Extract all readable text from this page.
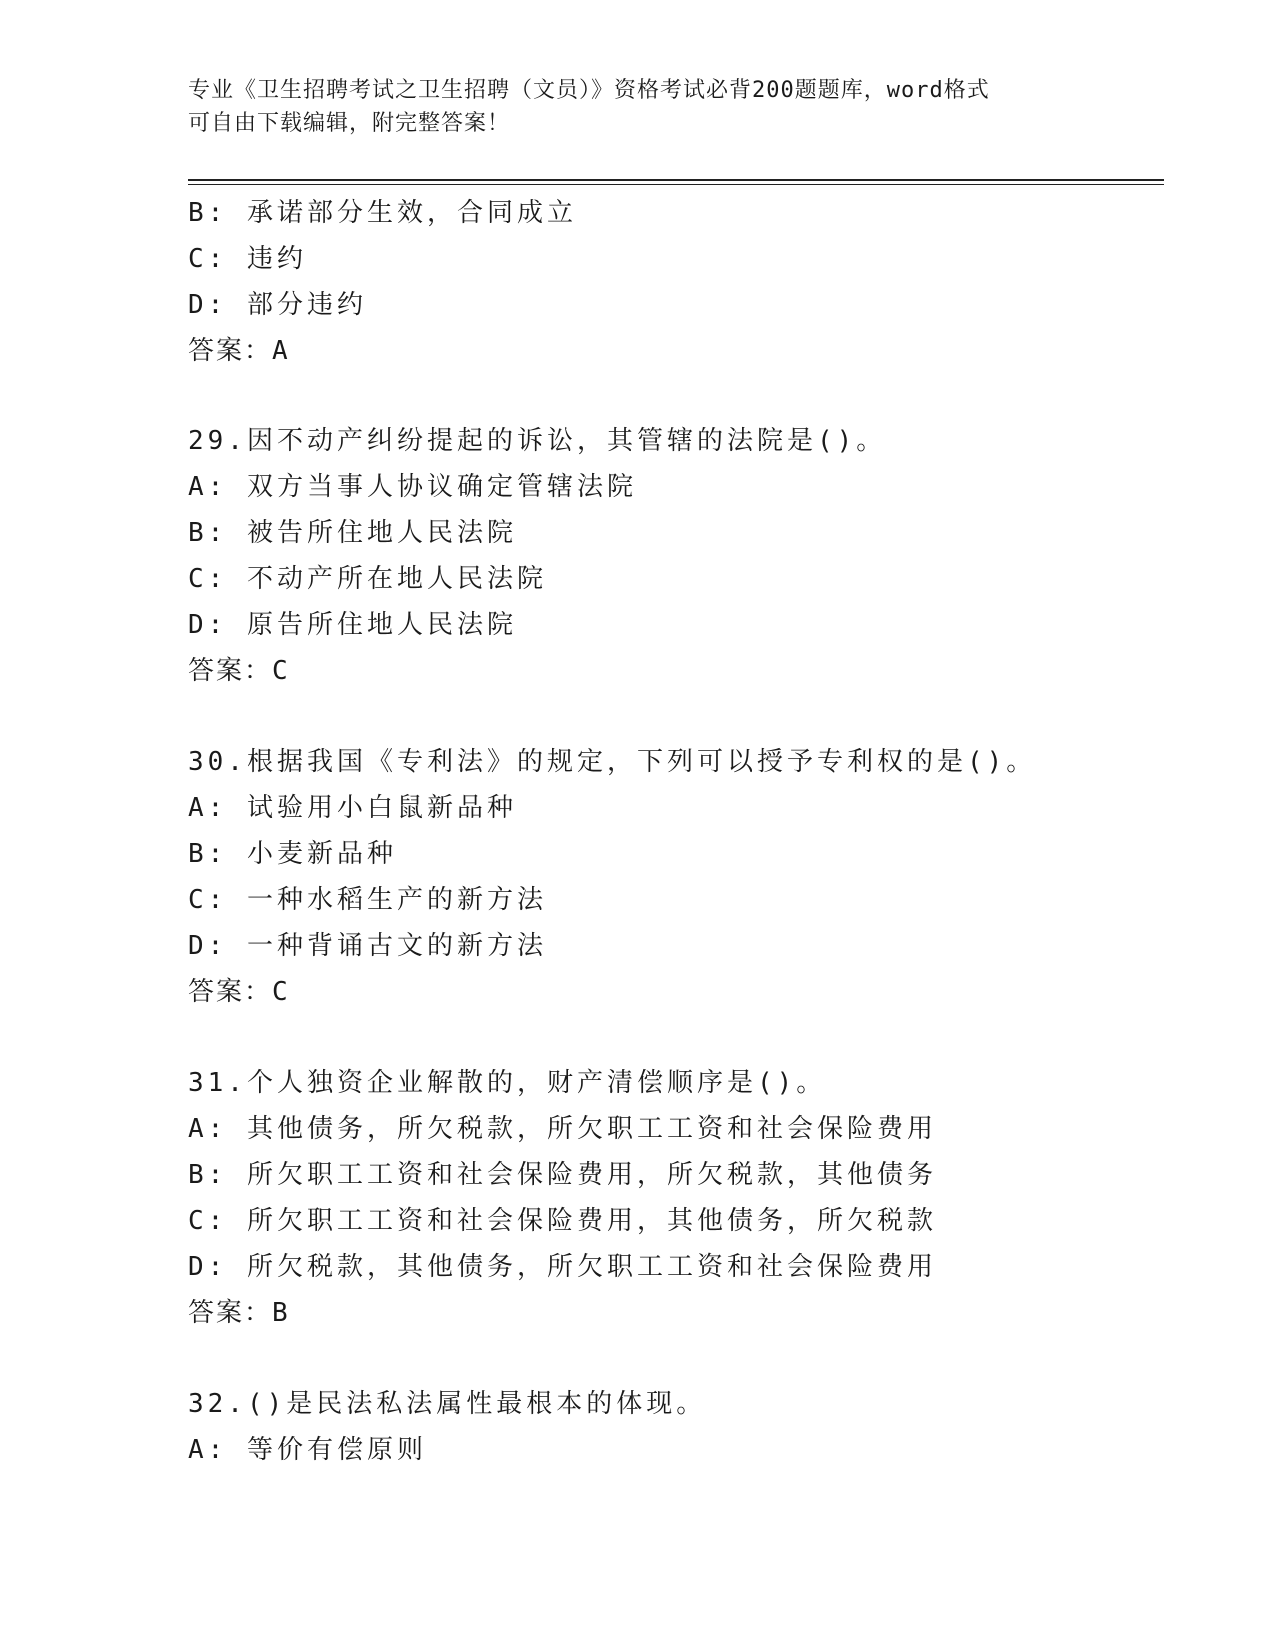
专业《卫生招聘考试之卫生招聘（文员）》资格考试必背200题题库，word格式
可自由下载编辑，附完整答案！
B: 承诺部分生效，合同成立
C: 违约
D: 部分违约
答案：A
29.因不动产纠纷提起的诉讼，其管辖的法院是()。
A: 双方当事人协议确定管辖法院
B: 被告所住地人民法院
C: 不动产所在地人民法院
D: 原告所住地人民法院
答案：C
30.根据我国《专利法》的规定，下列可以授予专利权的是()。
A: 试验用小白鼠新品种
B: 小麦新品种
C: 一种水稻生产的新方法
D: 一种背诵古文的新方法
答案：C
31.个人独资企业解散的，财产清偿顺序是()。
A: 其他债务，所欠税款，所欠职工工资和社会保险费用
B: 所欠职工工资和社会保险费用，所欠税款，其他债务
C: 所欠职工工资和社会保险费用，其他债务，所欠税款
D: 所欠税款，其他债务，所欠职工工资和社会保险费用
答案：B
32.()是民法私法属性最根本的体现。
A: 等价有偿原则
